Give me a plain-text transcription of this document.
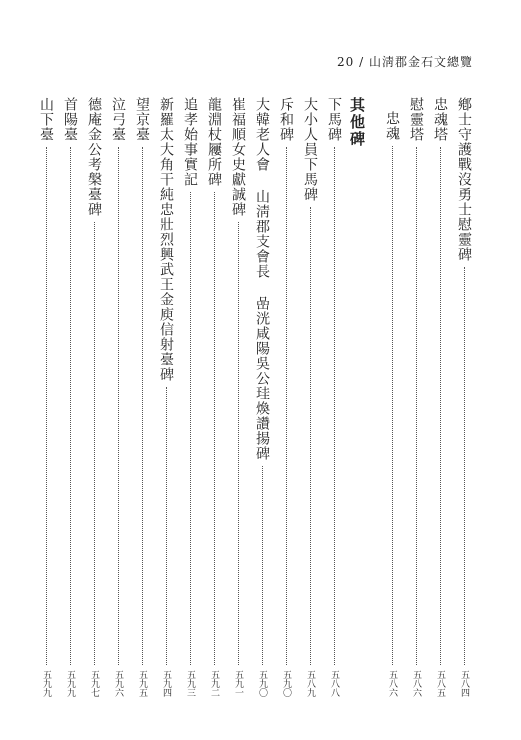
20 / 山淸郡金石文總覽
鄕士守護戰沒勇士慰靈碑
五八四
忠魂塔
五八五
慰靈塔
五八六
忠魂
五八六
其他碑
下馬碑
五八八
大小人員下馬碑
五八九
斥和碑
五九〇
大韓老人會 山淸郡支會長 嵒洸咸陽吳公珪煥讚揚碑
五九〇
崔福順女史獻誠碑
五九一
龍淵杖屨所碑
五九二
追孝始事實記
五九三
新羅太大角干純忠壯烈興武王金庾信射臺碑
五九四
望京臺
五九五
泣弓臺
五九六
德庵金公考槃臺碑
五九七
首陽臺
五九九
山下臺
五九九
